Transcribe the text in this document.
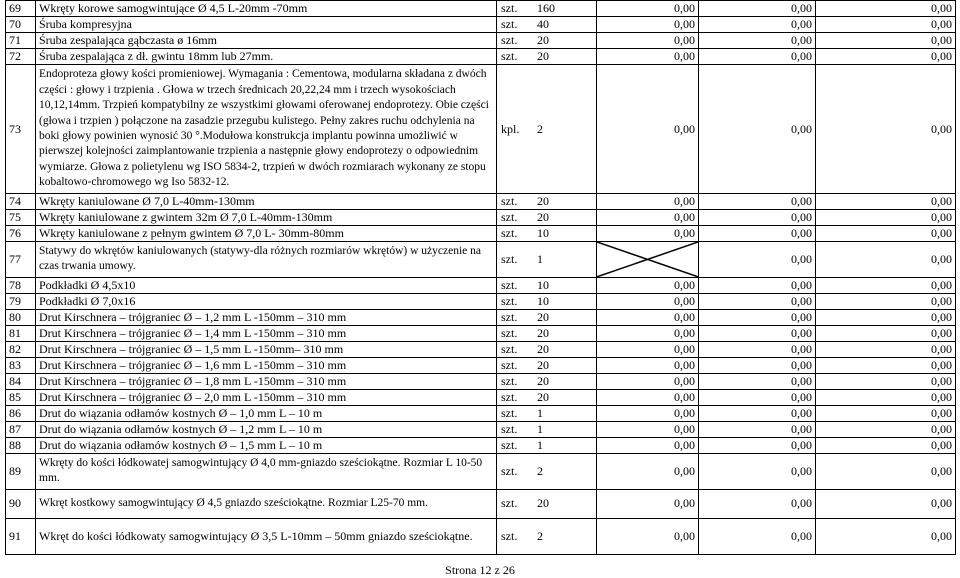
69	Wkręty korowe samogwintujące Ø 4,5 L-20mm -70mm	szt. 160	0,00	0,00	0,00
70	Śruba kompresyjna	szt. 40	0,00	0,00	0,00
71	Śruba zespalająca gąbczasta ø 16mm	szt. 20	0,00	0,00	0,00
72	Śruba zespalająca z dł. gwintu 18mm lub 27mm.	szt. 20	0,00	0,00	0,00
73	Endoproteza głowy kości promieniowej. Wymagania : Cementowa, modularna składana z dwóch części : głowy i trzpienia . Głowa w trzech średnicach 20,22,24 mm i trzech wysokościach 10,12,14mm. Trzpień kompatybilny ze wszystkimi głowami oferowanej endoprotezy. Obie części (głowa i trzpien ) połączone na zasadzie przegubu kulistego. Pełny zakres ruchu odchylenia na boki głowy powinien wynosić 30 °.Modułowa konstrukcja implantu powinna umożliwić w pierwszej kolejności zaimplantowanie trzpienia a następnie głowy endoprotezy o odpowiednim wymiarze. Głowa z polietylenu wg ISO 5834-2, trzpień w dwóch rozmiarach wykonany ze stopu kobaltowo-chromowego wg Iso 5832-12.	kpl. 2	0,00	0,00	0,00
74	Wkręty kaniulowane Ø 7,0 L-40mm-130mm	szt. 20	0,00	0,00	0,00
75	Wkręty kaniulowane z gwintem 32m Ø 7,0 L-40mm-130mm	szt. 20	0,00	0,00	0,00
76	Wkręty kaniulowane z pełnym gwintem Ø 7,0 L- 30mm-80mm	szt. 10	0,00	0,00	0,00
77	Statywy do wkrętów kaniulowanych (statywy-dla różnych rozmiarów wkrętów) w użyczenie na czas trwania umowy.	szt. 1		0,00	0,00
78	Podkładki Ø 4,5x10	szt. 10	0,00	0,00	0,00
79	Podkładki Ø 7,0x16	szt. 10	0,00	0,00	0,00
80	Drut Kirschnera – trójgraniec Ø – 1,2 mm L -150mm – 310 mm	szt. 20	0,00	0,00	0,00
81	Drut Kirschnera – trójgraniec Ø – 1,4 mm L -150mm – 310 mm	szt. 20	0,00	0,00	0,00
82	Drut Kirschnera – trójgraniec Ø – 1,5 mm L -150mm– 310 mm	szt. 20	0,00	0,00	0,00
83	Drut Kirschnera – trójgraniec Ø – 1,6 mm L -150mm – 310 mm	szt. 20	0,00	0,00	0,00
84	Drut Kirschnera – trójgraniec Ø – 1,8 mm L -150mm – 310 mm	szt. 20	0,00	0,00	0,00
85	Drut Kirschnera – trójgraniec Ø – 2,0 mm L -150mm – 310 mm	szt. 20	0,00	0,00	0,00
86	Drut do wiązania odłamów kostnych Ø – 1,0 mm L – 10 m	szt. 1	0,00	0,00	0,00
87	Drut do wiązania odłamów kostnych Ø – 1,2 mm L – 10 m	szt. 1	0,00	0,00	0,00
88	Drut do wiązania odłamów kostnych Ø – 1,5 mm L – 10 m	szt. 1	0,00	0,00	0,00
89	Wkręty do kości łódkowatej samogwintujący Ø 4,0 mm-gniazdo sześciokątne. Rozmiar L 10-50 mm.	szt. 2	0,00	0,00	0,00
90	Wkręt kostkowy samogwintujący Ø 4,5 gniazdo sześciokątne. Rozmiar L25-70 mm.	szt. 20	0,00	0,00	0,00
91	Wkręt do kości łódkowaty samogwintujący Ø 3,5 L-10mm – 50mm gniazdo sześciokątne.	szt. 2	0,00	0,00	0,00
Strona 12 z 26
